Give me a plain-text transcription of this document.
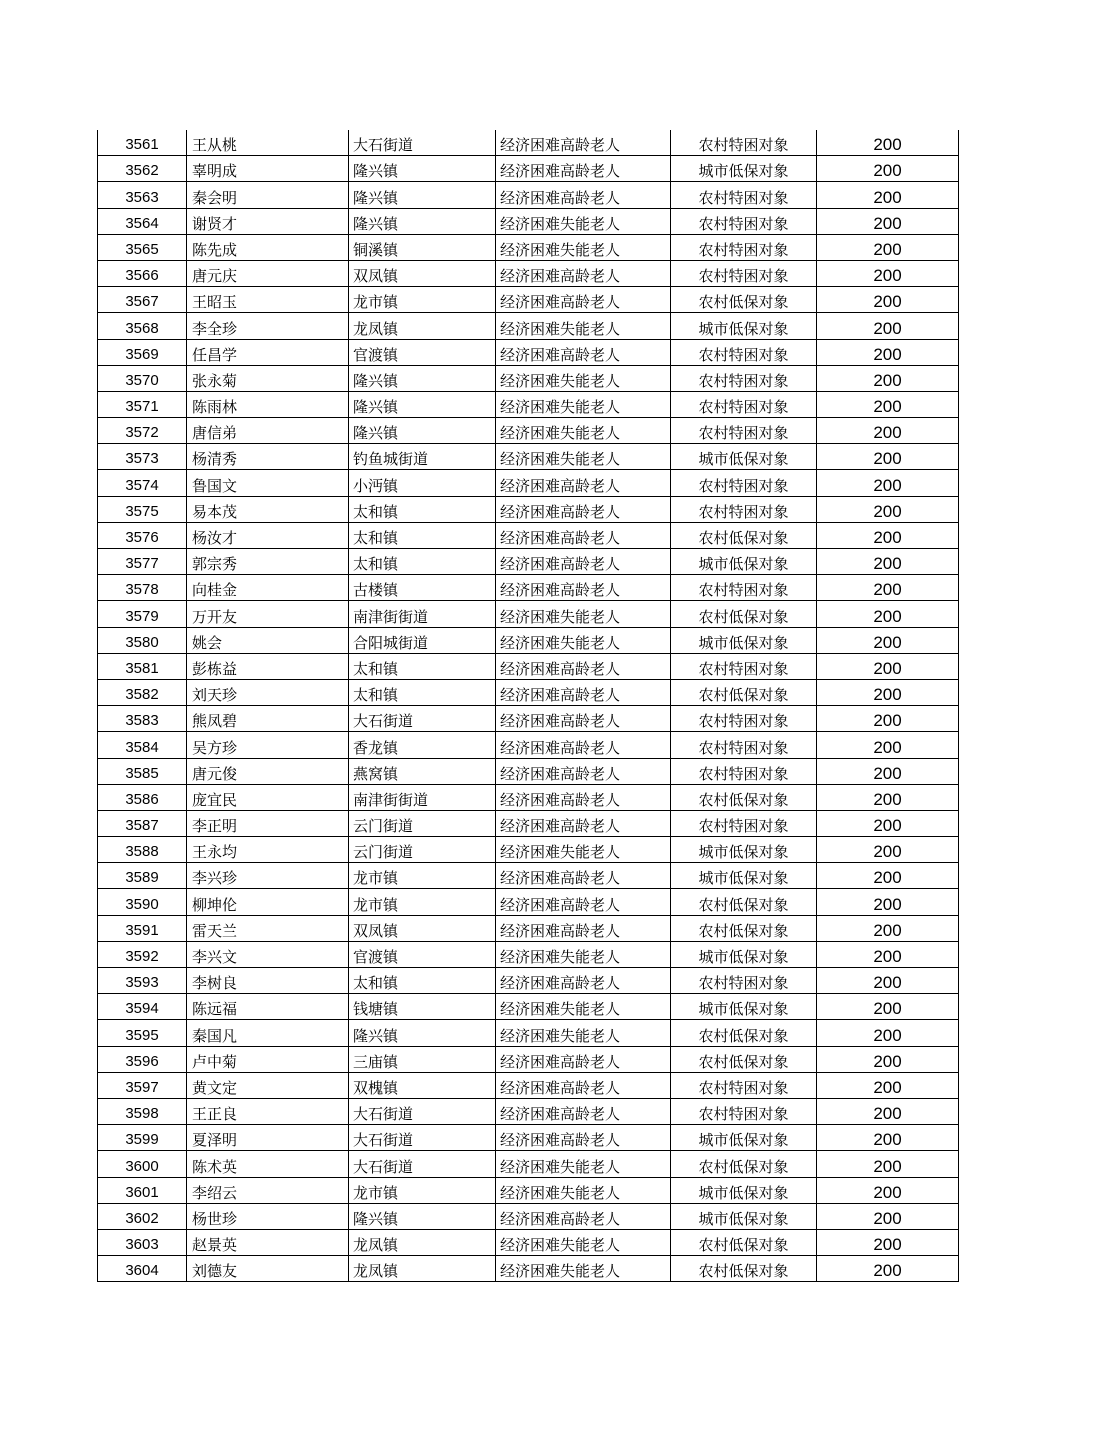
3561	王从桃	大石街道	经济困难高龄老人	农村特困对象	200
3562	辜明成	隆兴镇	经济困难高龄老人	城市低保对象	200
3563	秦会明	隆兴镇	经济困难高龄老人	农村特困对象	200
3564	谢贤才	隆兴镇	经济困难失能老人	农村特困对象	200
3565	陈先成	铜溪镇	经济困难失能老人	农村特困对象	200
3566	唐元庆	双凤镇	经济困难高龄老人	农村特困对象	200
3567	王昭玉	龙市镇	经济困难高龄老人	农村低保对象	200
3568	李全珍	龙凤镇	经济困难失能老人	城市低保对象	200
3569	任昌学	官渡镇	经济困难高龄老人	农村特困对象	200
3570	张永菊	隆兴镇	经济困难失能老人	农村特困对象	200
3571	陈雨林	隆兴镇	经济困难失能老人	农村特困对象	200
3572	唐信弟	隆兴镇	经济困难失能老人	农村特困对象	200
3573	杨清秀	钓鱼城街道	经济困难失能老人	城市低保对象	200
3574	鲁国文	小沔镇	经济困难高龄老人	农村特困对象	200
3575	易本茂	太和镇	经济困难高龄老人	农村特困对象	200
3576	杨汝才	太和镇	经济困难高龄老人	农村低保对象	200
3577	郭宗秀	太和镇	经济困难高龄老人	城市低保对象	200
3578	向桂金	古楼镇	经济困难高龄老人	农村特困对象	200
3579	万开友	南津街街道	经济困难失能老人	农村低保对象	200
3580	姚会	合阳城街道	经济困难失能老人	城市低保对象	200
3581	彭栋益	太和镇	经济困难高龄老人	农村特困对象	200
3582	刘天珍	太和镇	经济困难高龄老人	农村低保对象	200
3583	熊凤碧	大石街道	经济困难高龄老人	农村特困对象	200
3584	吴方珍	香龙镇	经济困难高龄老人	农村特困对象	200
3585	唐元俊	燕窝镇	经济困难高龄老人	农村特困对象	200
3586	庞宜民	南津街街道	经济困难高龄老人	农村低保对象	200
3587	李正明	云门街道	经济困难高龄老人	农村特困对象	200
3588	王永均	云门街道	经济困难失能老人	城市低保对象	200
3589	李兴珍	龙市镇	经济困难高龄老人	城市低保对象	200
3590	柳坤伦	龙市镇	经济困难高龄老人	农村低保对象	200
3591	雷天兰	双凤镇	经济困难高龄老人	农村低保对象	200
3592	李兴文	官渡镇	经济困难失能老人	城市低保对象	200
3593	李树良	太和镇	经济困难高龄老人	农村特困对象	200
3594	陈远福	钱塘镇	经济困难失能老人	城市低保对象	200
3595	秦国凡	隆兴镇	经济困难失能老人	农村低保对象	200
3596	卢中菊	三庙镇	经济困难高龄老人	农村低保对象	200
3597	黄文定	双槐镇	经济困难高龄老人	农村特困对象	200
3598	王正良	大石街道	经济困难高龄老人	农村特困对象	200
3599	夏泽明	大石街道	经济困难高龄老人	城市低保对象	200
3600	陈术英	大石街道	经济困难失能老人	农村低保对象	200
3601	李绍云	龙市镇	经济困难失能老人	城市低保对象	200
3602	杨世珍	隆兴镇	经济困难高龄老人	城市低保对象	200
3603	赵景英	龙凤镇	经济困难失能老人	农村低保对象	200
3604	刘德友	龙凤镇	经济困难失能老人	农村低保对象	200
